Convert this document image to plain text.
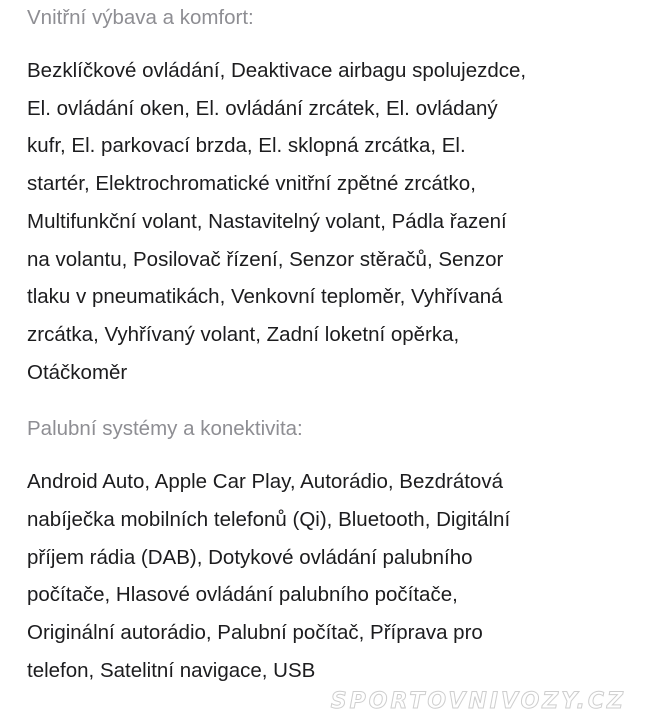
Vnitřní výbava a komfort:

Bezklíčkové ovládání, Deaktivace airbagu spolujezdce,
El. ovládání oken, El. ovládání zrcátek, El. ovládaný
kufr, El. parkovací brzda, El. sklopná zrcátka, El.
startér, Elektrochromatické vnitřní zpětné zrcátko,
Multifunkční volant, Nastavitelný volant, Pádla řazení
na volantu, Posilovač řízení, Senzor stěračů, Senzor
tlaku v pneumatikách, Venkovní teploměr, Vyhřívaná
zrcátka, Vyhřívaný volant, Zadní loketní opěrka,
Otáčkoměr

Palubní systémy a konektivita:

Android Auto, Apple Car Play, Autorádio, Bezdrátová
nabíječka mobilních telefonů (Qi), Bluetooth, Digitální
příjem rádia (DAB), Dotykové ovládání palubního
počítače, Hlasové ovládání palubního počítače,
Originální autorádio, Palubní počítač, Příprava pro
telefon, Satelitní navigace, USB

SPORTOVNIVOZY.CZ
